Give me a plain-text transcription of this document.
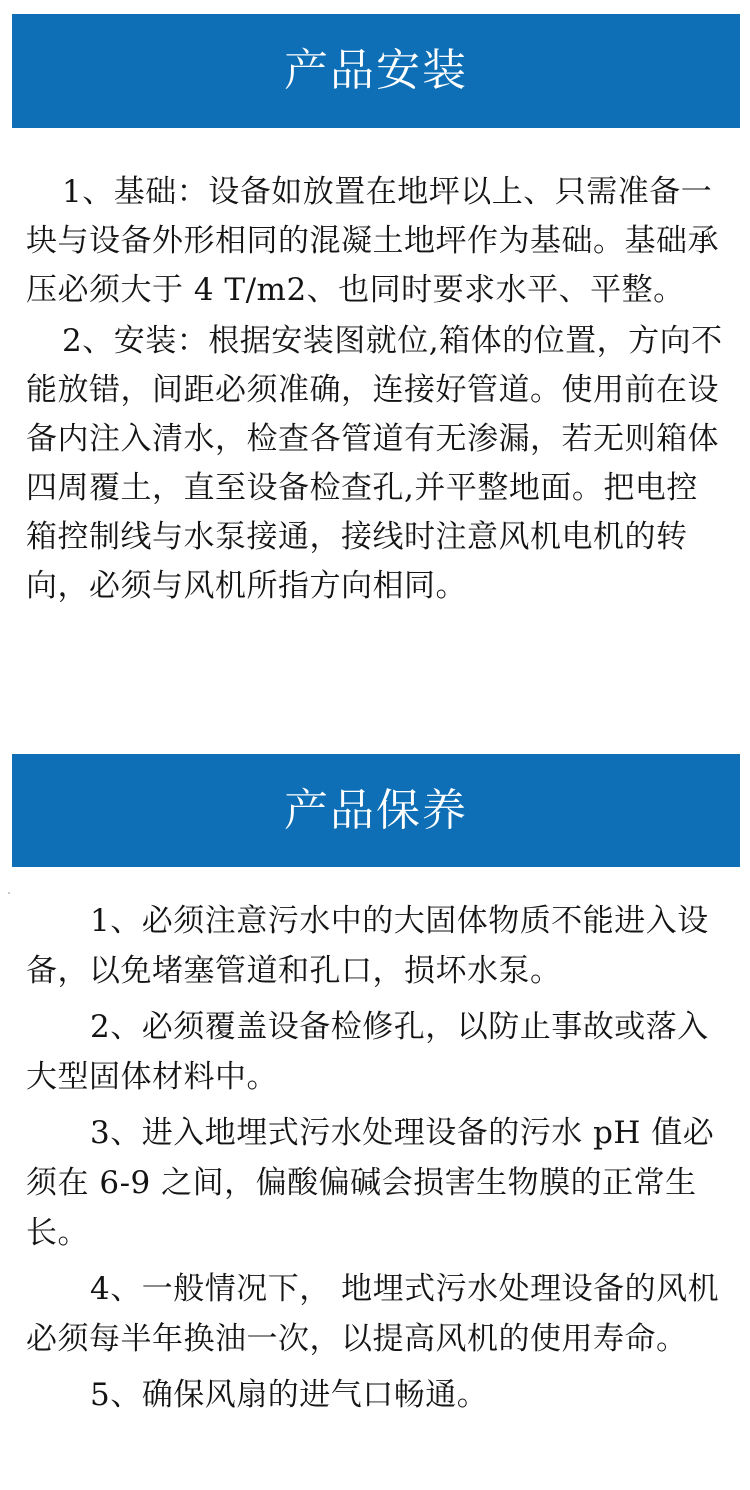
产品安装

1、基础：设备如放置在地坪以上、只需准备一块与设备外形相同的混凝土地坪作为基础。基础承压必须大于 4 T/m2、也同时要求水平、平整。

2、安装：根据安装图就位,箱体的位置，方向不能放错，间距必须准确，连接好管道。使用前在设备内注入清水，检查各管道有无渗漏，若无则箱体四周覆土，直至设备检查孔,并平整地面。把电控箱控制线与水泵接通，接线时注意风机电机的转向，必须与风机所指方向相同。

产品保养

1、必须注意污水中的大固体物质不能进入设备，以免堵塞管道和孔口，损坏水泵。

2、必须覆盖设备检修孔，以防止事故或落入大型固体材料中。

3、进入地埋式污水处理设备的污水 pH 值必须在 6-9 之间，偏酸偏碱会损害生物膜的正常生长。

4、一般情况下， 地埋式污水处理设备的风机必须每半年换油一次，以提高风机的使用寿命。

5、确保风扇的进气口畅通。
